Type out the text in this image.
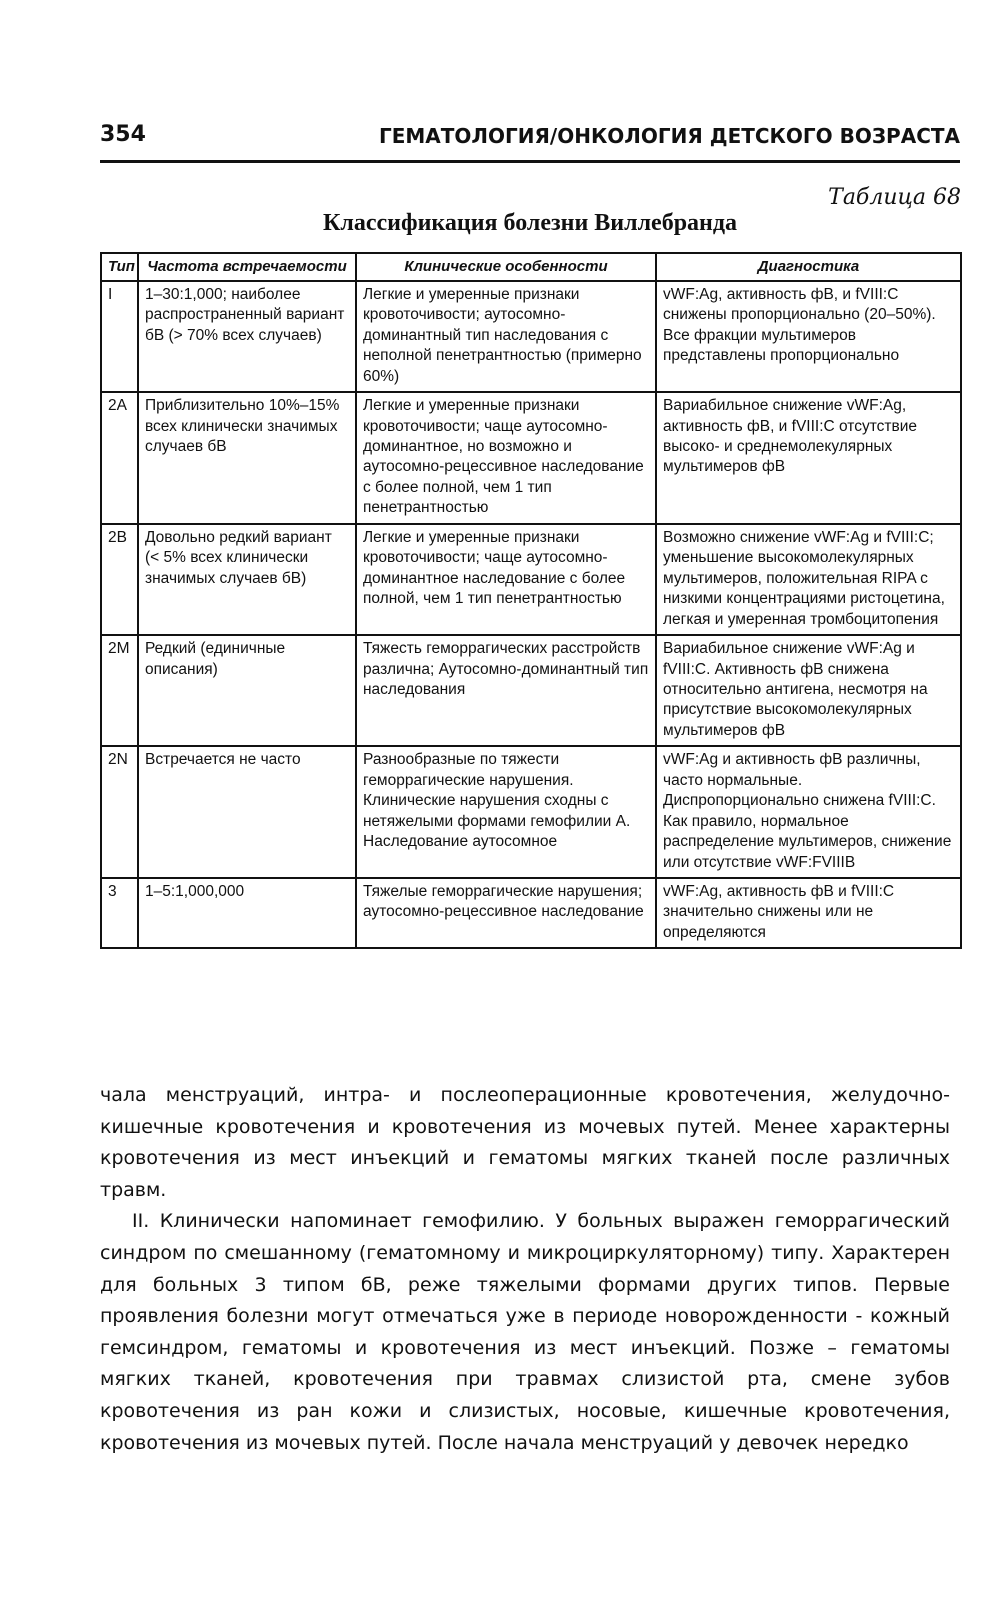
354	ГЕМАТОЛОГИЯ/ОНКОЛОГИЯ ДЕТСКОГО ВОЗРАСТА
Таблица 68
Классификация болезни Виллебранда
Тип	Частота встречаемости	Клинические особенности	Диагностика
I	1–30:1,000; наиболее распространенный вариант бВ (> 70% всех случаев)	Легкие и умеренные признаки кровоточивости; аутосомно-доминантный тип наследования с неполной пенетрантностью (примерно 60%)	vWF:Ag, активность фВ, и fVIII:C снижены пропорционально (20–50%). Все фракции мультимеров представлены пропорционально
2A	Приблизительно 10%–15% всех клинически значимых случаев бВ	Легкие и умеренные признаки кровоточивости; чаще аутосомно-доминантное, но возможно и аутосомно-рецессивное наследование с более полной, чем 1 тип пенетрантностью	Вариабильное снижение vWF:Ag, активность фВ, и fVIII:C отсутствие высоко- и среднемолекулярных мультимеров фВ
2B	Довольно редкий вариант (< 5% всех клинически значимых случаев бВ)	Легкие и умеренные признаки кровоточивости; чаще аутосомно-доминантное наследование с более полной, чем 1 тип пенетрантностью	Возможно снижение vWF:Ag и fVIII:C; уменьшение высокомолекулярных мультимеров, положительная RIPA с низкими концентрациями ристоцетина, легкая и умеренная тромбоцитопения
2M	Редкий (единичные описания)	Тяжесть геморрагических расстройств различна; Аутосомно-доминантный тип наследования	Вариабильное снижение vWF:Ag и fVIII:C. Активность фВ снижена относительно антигена, несмотря на присутствие высокомолекулярных мультимеров фВ
2N	Встречается не часто	Разнообразные по тяжести геморрагические нарушения. Клинические нарушения сходны с нетяжелыми формами гемофилии А. Наследование аутосомное	vWF:Ag и активность фВ различны, часто нормальные. Диспропорционально снижена fVIII:C. Как правило, нормальное распределение мультимеров, снижение или отсутствие vWF:FVIIIB
3	1–5:1,000,000	Тяжелые геморрагические нарушения; аутосомно-рецессивное наследование	vWF:Ag, активность фВ и fVIII:C значительно снижены или не определяются

чала менструаций, интра- и послеоперационные кровотечения, желудочно-кишечные кровотечения и кровотечения из мочевых путей. Менее характерны кровотечения из мест инъекций и гематомы мягких тканей после различных травм.

II. Клинически напоминает гемофилию. У больных выражен геморрагический синдром по смешанному (гематомному и микроциркуляторному) типу. Характерен для больных 3 типом бВ, реже тяжелыми формами других типов. Первые проявления болезни могут отмечаться уже в периоде новорожденности - кожный гемсиндром, гематомы и кровотечения из мест инъекций. Позже – гематомы мягких тканей, кровотечения при травмах слизистой рта, смене зубов кровотечения из ран кожи и слизистых, носовые, кишечные кровотечения, кровотечения из мочевых путей. После начала менструаций у девочек нередко
